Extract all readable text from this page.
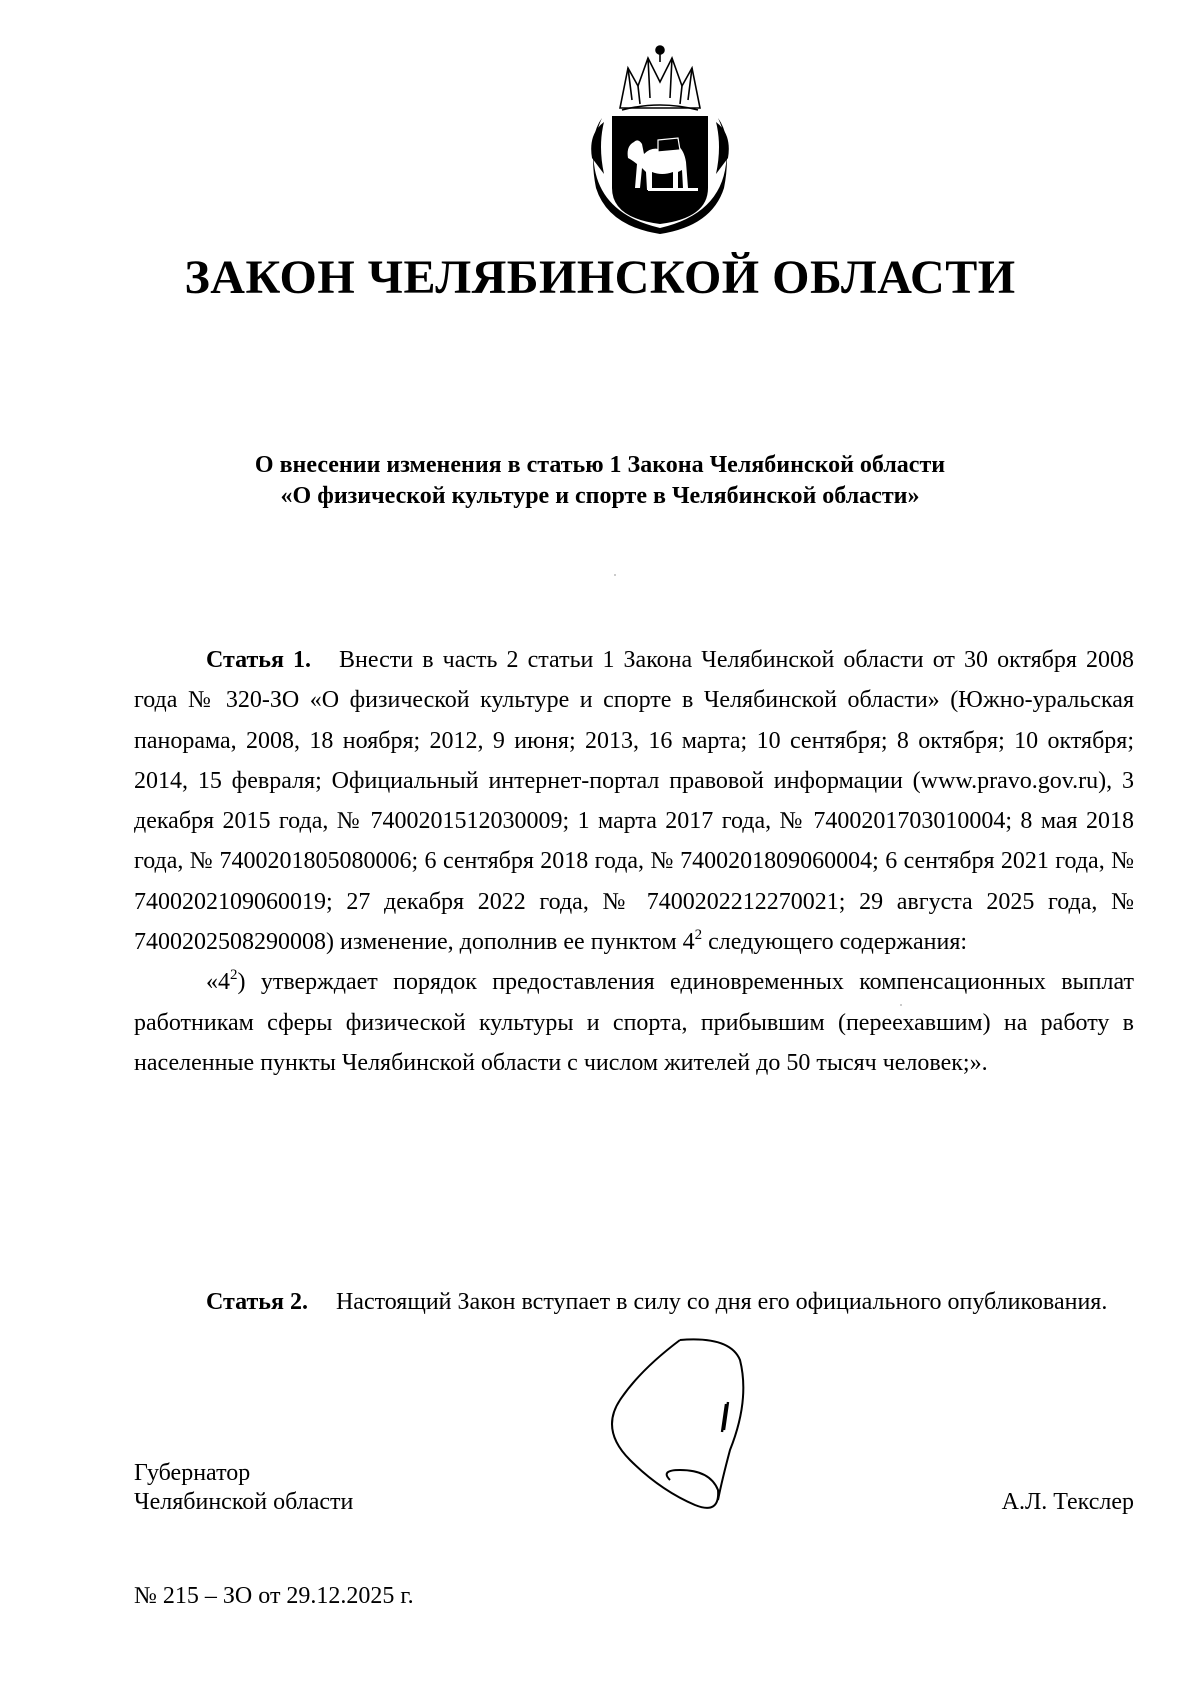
ЗАКОН ЧЕЛЯБИНСКОЙ ОБЛАСТИ
О внесении изменения в статью 1 Закона Челябинской области
«О физической культуре и спорте в Челябинской области»

Статья 1. Внести в часть 2 статьи 1 Закона Челябинской области от 30 октября 2008 года № 320-ЗО «О физической культуре и спорте в Челябинской области» (Южно-уральская панорама, 2008, 18 ноября; 2012, 9 июня; 2013, 16 марта; 10 сентября; 8 октября; 10 октября; 2014, 15 февраля; Официальный интернет-портал правовой информации (www.pravo.gov.ru), 3 декабря 2015 года, № 7400201512030009; 1 марта 2017 года, № 7400201703010004; 8 мая 2018 года, № 7400201805080006; 6 сентября 2018 года, № 7400201809060004; 6 сентября 2021 года, № 7400202109060019; 27 декабря 2022 года, № 7400202212270021; 29 августа 2025 года, № 7400202508290008) изменение, дополнив ее пунктом $4^2$ следующего содержания:

«$4^2$) утверждает порядок предоставления единовременных компенсационных выплат работникам сферы физической культуры и спорта, прибывшим (переехавшим) на работу в населенные пункты Челябинской области с числом жителей до 50 тысяч человек;».

Статья 2. Настоящий Закон вступает в силу со дня его официального опубликования.

Губернатор
Челябинской области	А.Л. Текслер
№ 215 – ЗО от 29.12.2025 г.
